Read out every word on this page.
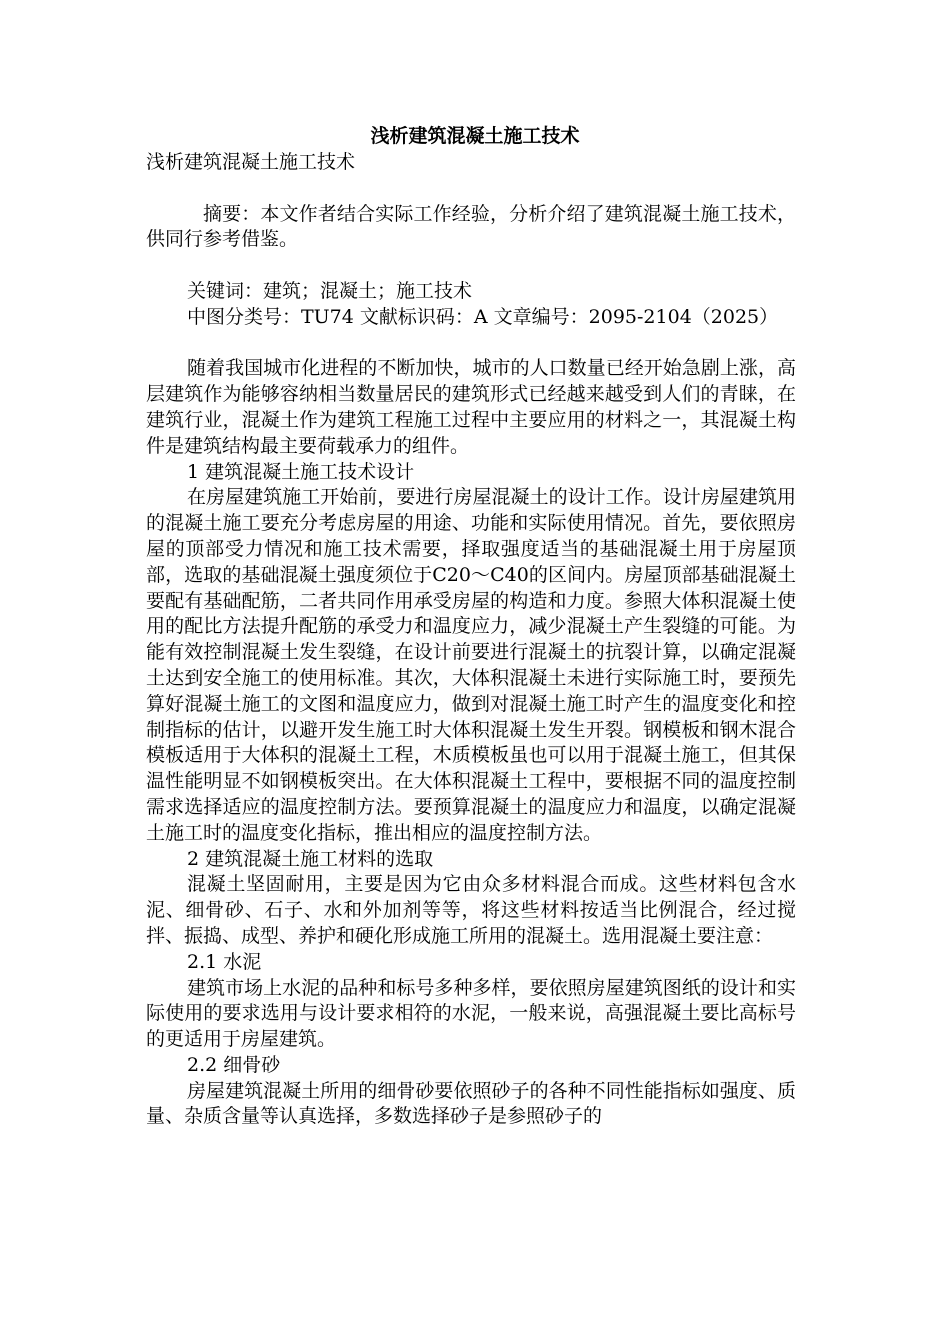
浅析建筑混凝土施工技术

浅析建筑混凝土施工技术

摘要：本文作者结合实际工作经验，分析介绍了建筑混凝土施工技术，供同行参考借鉴。

关键词：建筑；混凝土；施工技术

中图分类号：TU74 文献标识码：A 文章编号：2095-2104（2025）

随着我国城市化进程的不断加快，城市的人口数量已经开始急剧上涨，高层建筑作为能够容纳相当数量居民的建筑形式已经越来越受到人们的青睐，在建筑行业，混凝土作为建筑工程施工过程中主要应用的材料之一，其混凝土构件是建筑结构最主要荷载承力的组件。

1 建筑混凝土施工技术设计

在房屋建筑施工开始前，要进行房屋混凝土的设计工作。设计房屋建筑用的混凝土施工要充分考虑房屋的用途、功能和实际使用情况。首先，要依照房屋的顶部受力情况和施工技术需要，择取强度适当的基础混凝土用于房屋顶部，选取的基础混凝土强度须位于C20～C40的区间内。房屋顶部基础混凝土要配有基础配筋，二者共同作用承受房屋的构造和力度。参照大体积混凝土使用的配比方法提升配筋的承受力和温度应力，减少混凝土产生裂缝的可能。为能有效控制混凝土发生裂缝，在设计前要进行混凝土的抗裂计算，以确定混凝土达到安全施工的使用标准。其次，大体积混凝土未进行实际施工时，要预先算好混凝土施工的文图和温度应力，做到对混凝土施工时产生的温度变化和控制指标的估计，以避开发生施工时大体积混凝土发生开裂。钢模板和钢木混合模板适用于大体积的混凝土工程，木质模板虽也可以用于混凝土施工，但其保温性能明显不如钢模板突出。在大体积混凝土工程中，要根据不同的温度控制需求选择适应的温度控制方法。要预算混凝土的温度应力和温度，以确定混凝土施工时的温度变化指标，推出相应的温度控制方法。

2 建筑混凝土施工材料的选取

混凝土坚固耐用，主要是因为它由众多材料混合而成。这些材料包含水泥、细骨砂、石子、水和外加剂等等，将这些材料按适当比例混合，经过搅拌、振捣、成型、养护和硬化形成施工所用的混凝土。选用混凝土要注意：

2.1 水泥

建筑市场上水泥的品种和标号多种多样，要依照房屋建筑图纸的设计和实际使用的要求选用与设计要求相符的水泥，一般来说，高强混凝土要比高标号的更适用于房屋建筑。

2.2 细骨砂

房屋建筑混凝土所用的细骨砂要依照砂子的各种不同性能指标如强度、质量、杂质含量等认真选择，多数选择砂子是参照砂子的
